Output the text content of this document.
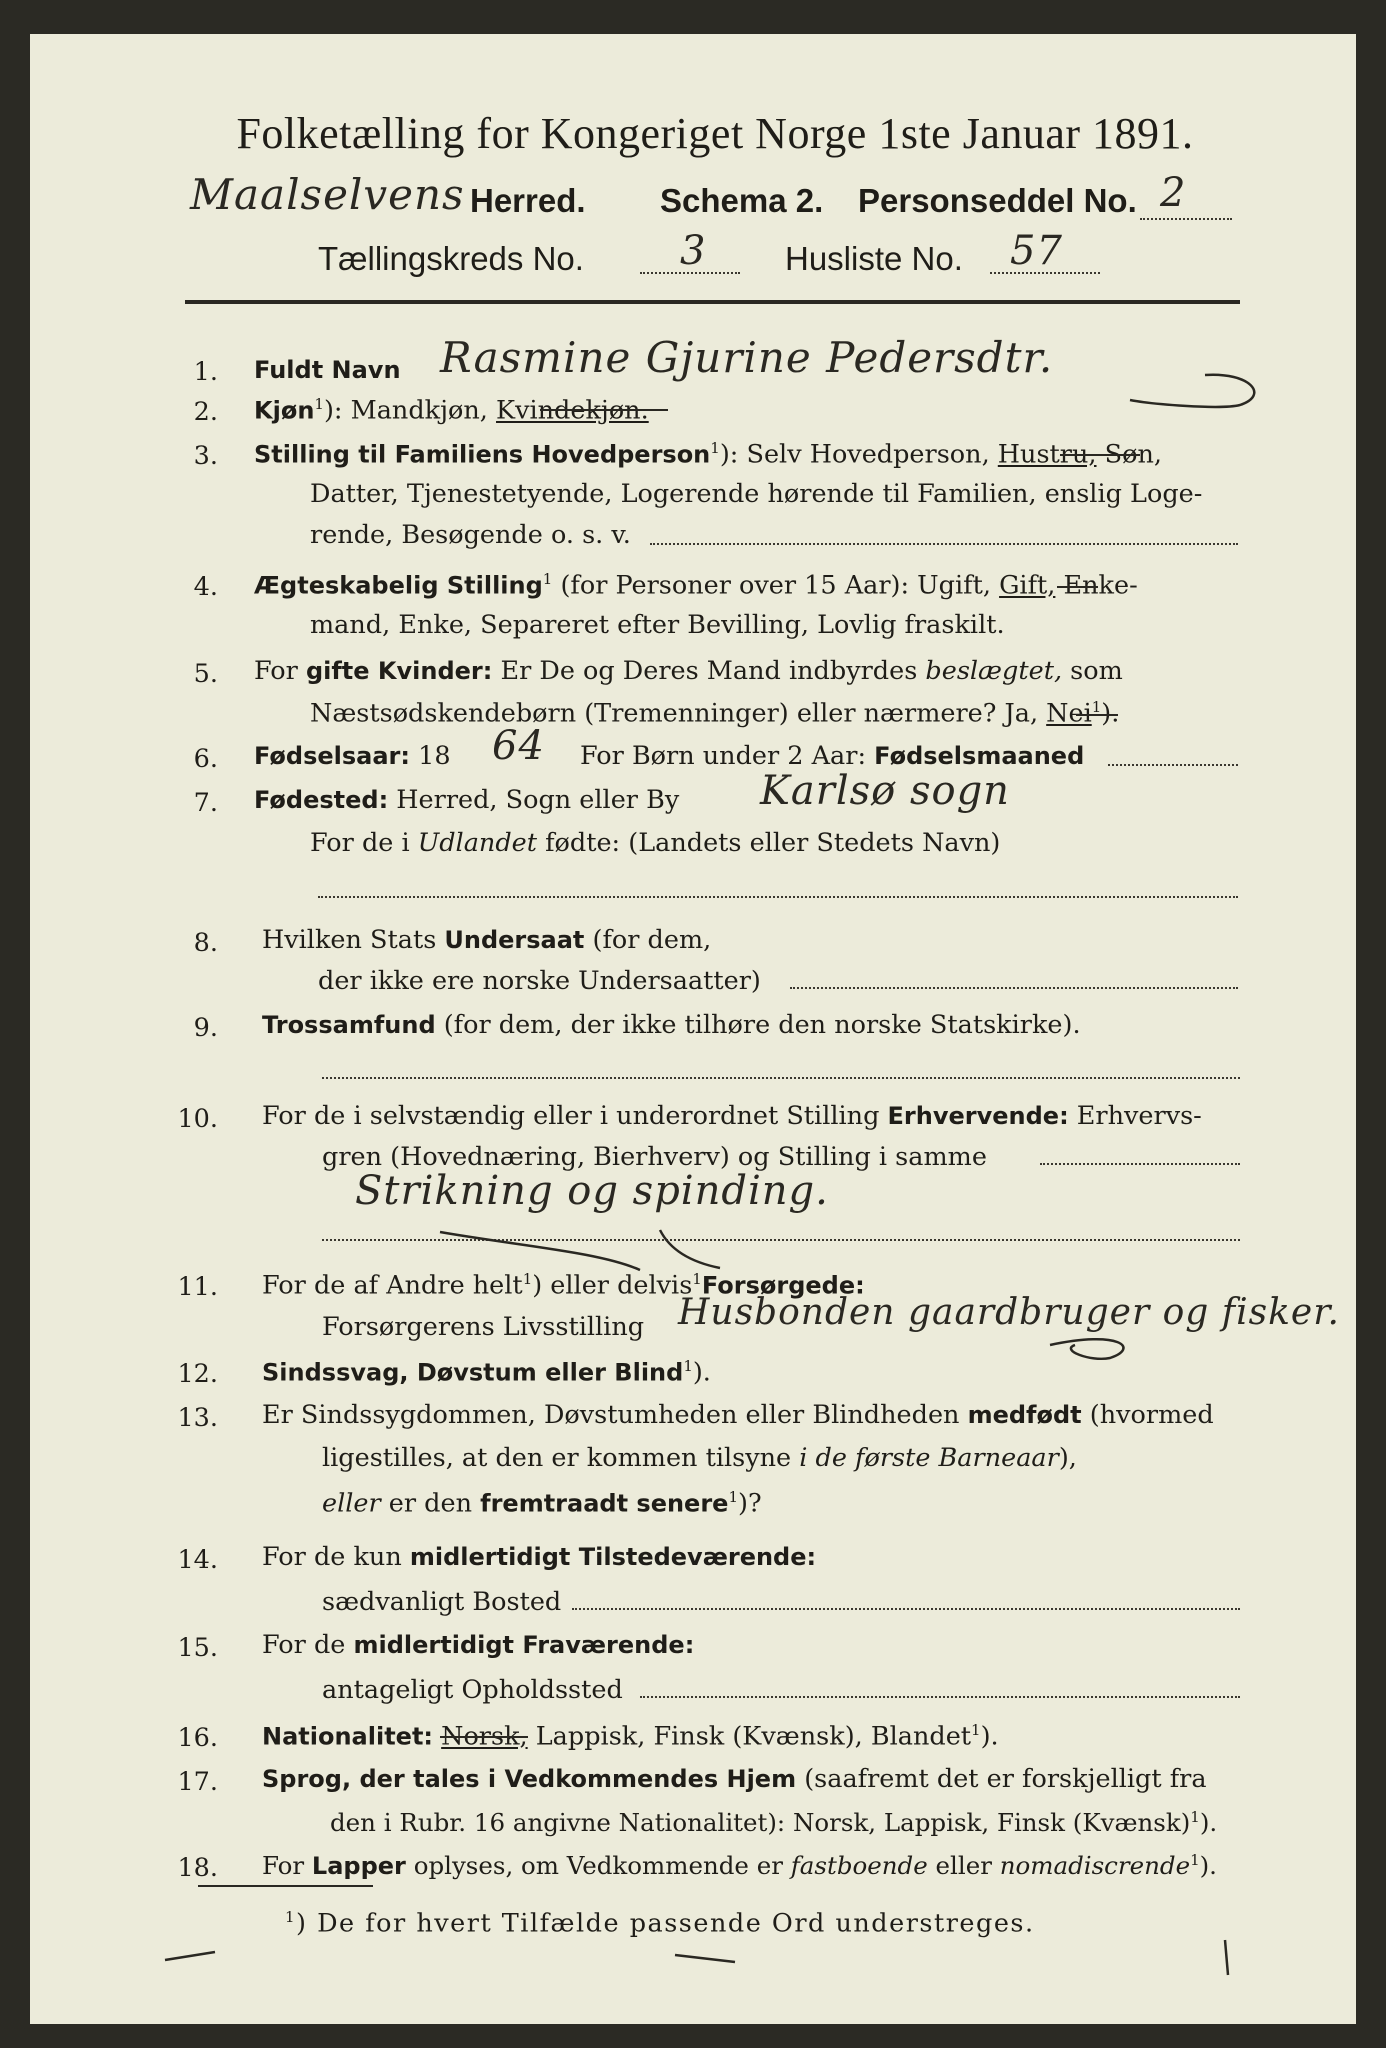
Folketælling for Kongeriget Norge 1ste Januar 1891.
Maalselvens Herred. Schema 2. Personseddel No. 2
Tællingskreds No. 3 Husliste No. 57
1. Fuldt Navn Rasmine Gjurine Pedersdtr.
2. Kjøn$^1$): Mandkjøn, Kvindekjøn.
3. Stilling til Familiens Hovedperson$^1$): Selv Hovedperson, Hustru, Søn,
Datter, Tjenestetyende, Logerende hørende til Familien, enslig Loge-
rende, Besøgende o. s. v.
4. Ægteskabelig Stilling$^1$ (for Personer over 15 Aar): Ugift, Gift, Enke-
mand, Enke, Separeret efter Bevilling, Lovlig fraskilt.
5. For gifte Kvinder: Er De og Deres Mand indbyrdes beslægtet, som
Næstsødskendebørn (Tremenninger) eller nærmere? Ja, Nei$^1$).
6. Fødselsaar: 18 64 For Børn under 2 Aar: Fødselsmaaned
7. Fødested: Herred, Sogn eller By Karlsø sogn
For de i Udlandet fødte: (Landets eller Stedets Navn)
8. Hvilken Stats Undersaat (for dem,
der ikke ere norske Undersaatter)
9. Trossamfund (for dem, der ikke tilhøre den norske Statskirke).
10. For de i selvstændig eller i underordnet Stilling Erhvervende: Erhvervs-
gren (Hovednæring, Bierhverv) og Stilling i samme
Strikning og spinding.
11. For de af Andre helt$^1$) eller delvis$^1$Forsørgede:
Forsørgerens Livsstilling Husbonden gaardbruger og fisker.
12. Sindssvag, Døvstum eller Blind$^1$).
13. Er Sindssygdommen, Døvstumheden eller Blindheden medfødt (hvormed
ligestilles, at den er kommen tilsyne i de første Barneaar),
eller er den fremtraadt senere$^1$)?
14. For de kun midlertidigt Tilstedeværende:
sædvanligt Bosted
15. For de midlertidigt Fraværende:
antageligt Opholdssted
16. Nationalitet: Norsk, Lappisk, Finsk (Kvænsk), Blandet$^1$).
17. Sprog, der tales i Vedkommendes Hjem (saafremt det er forskjelligt fra
den i Rubr. 16 angivne Nationalitet): Norsk, Lappisk, Finsk (Kvænsk)$^1$).
18. For Lapper oplyses, om Vedkommende er fastboende eller nomadiscrende$^1$).
$^1$) De for hvert Tilfælde passende Ord understreges.
